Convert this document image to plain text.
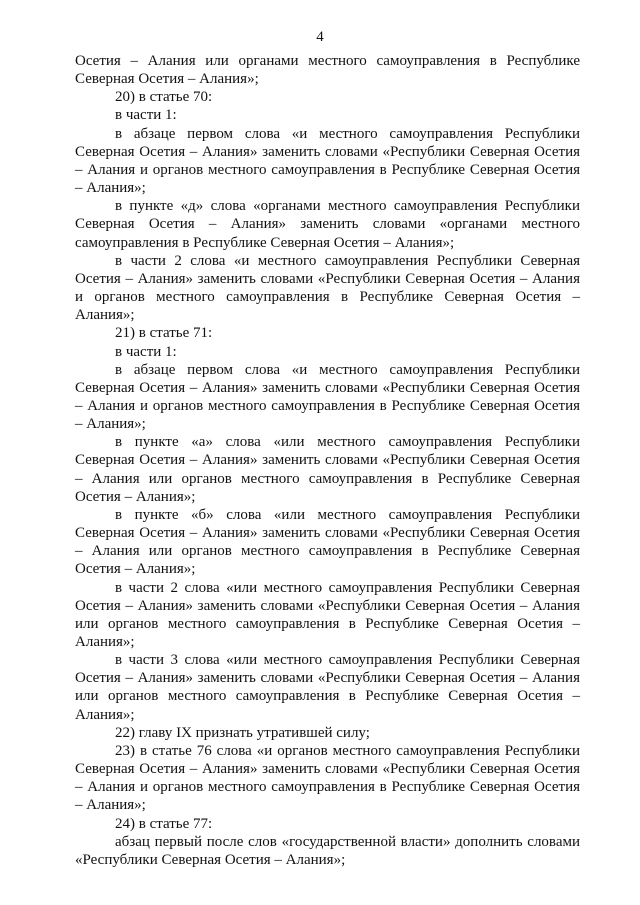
4

Осетия – Алания или органами местного самоуправления в Республике Северная Осетия – Алания»;

20) в статье 70:

в части 1:

в абзаце первом слова «и местного самоуправления Республики Северная Осетия – Алания» заменить словами «Республики Северная Осетия – Алания и органов местного самоуправления в Республике Северная Осетия – Алания»;

в пункте «д» слова «органами местного самоуправления Республики Северная Осетия – Алания» заменить словами «органами местного самоуправления в Республике Северная Осетия – Алания»;

в части 2 слова «и местного самоуправления Республики Северная Осетия – Алания» заменить словами «Республики Северная Осетия – Алания и органов местного самоуправления в Республике Северная Осетия – Алания»;

21) в статье 71:

в части 1:

в абзаце первом слова «и местного самоуправления Республики Северная Осетия – Алания» заменить словами «Республики Северная Осетия – Алания и органов местного самоуправления в Республике Северная Осетия – Алания»;

в пункте «а» слова «или местного самоуправления Республики Северная Осетия – Алания» заменить словами «Республики Северная Осетия – Алания или органов местного самоуправления в Республике Северная Осетия – Алания»;

в пункте «б» слова «или местного самоуправления Республики Северная Осетия – Алания» заменить словами «Республики Северная Осетия – Алания или органов местного самоуправления в Республике Северная Осетия – Алания»;

в части 2 слова «или местного самоуправления Республики Северная Осетия – Алания» заменить словами «Республики Северная Осетия – Алания или органов местного самоуправления в Республике Северная Осетия – Алания»;

в части 3 слова «или местного самоуправления Республики Северная Осетия – Алания» заменить словами «Республики Северная Осетия – Алания или органов местного самоуправления в Республике Северная Осетия – Алания»;

22) главу IX признать утратившей силу;

23) в статье 76 слова «и органов местного самоуправления Республики Северная Осетия – Алания» заменить словами «Республики Северная Осетия – Алания и органов местного самоуправления в Республике Северная Осетия – Алания»;

24) в статье 77:

абзац первый после слов «государственной власти» дополнить словами «Республики Северная Осетия – Алания»;
